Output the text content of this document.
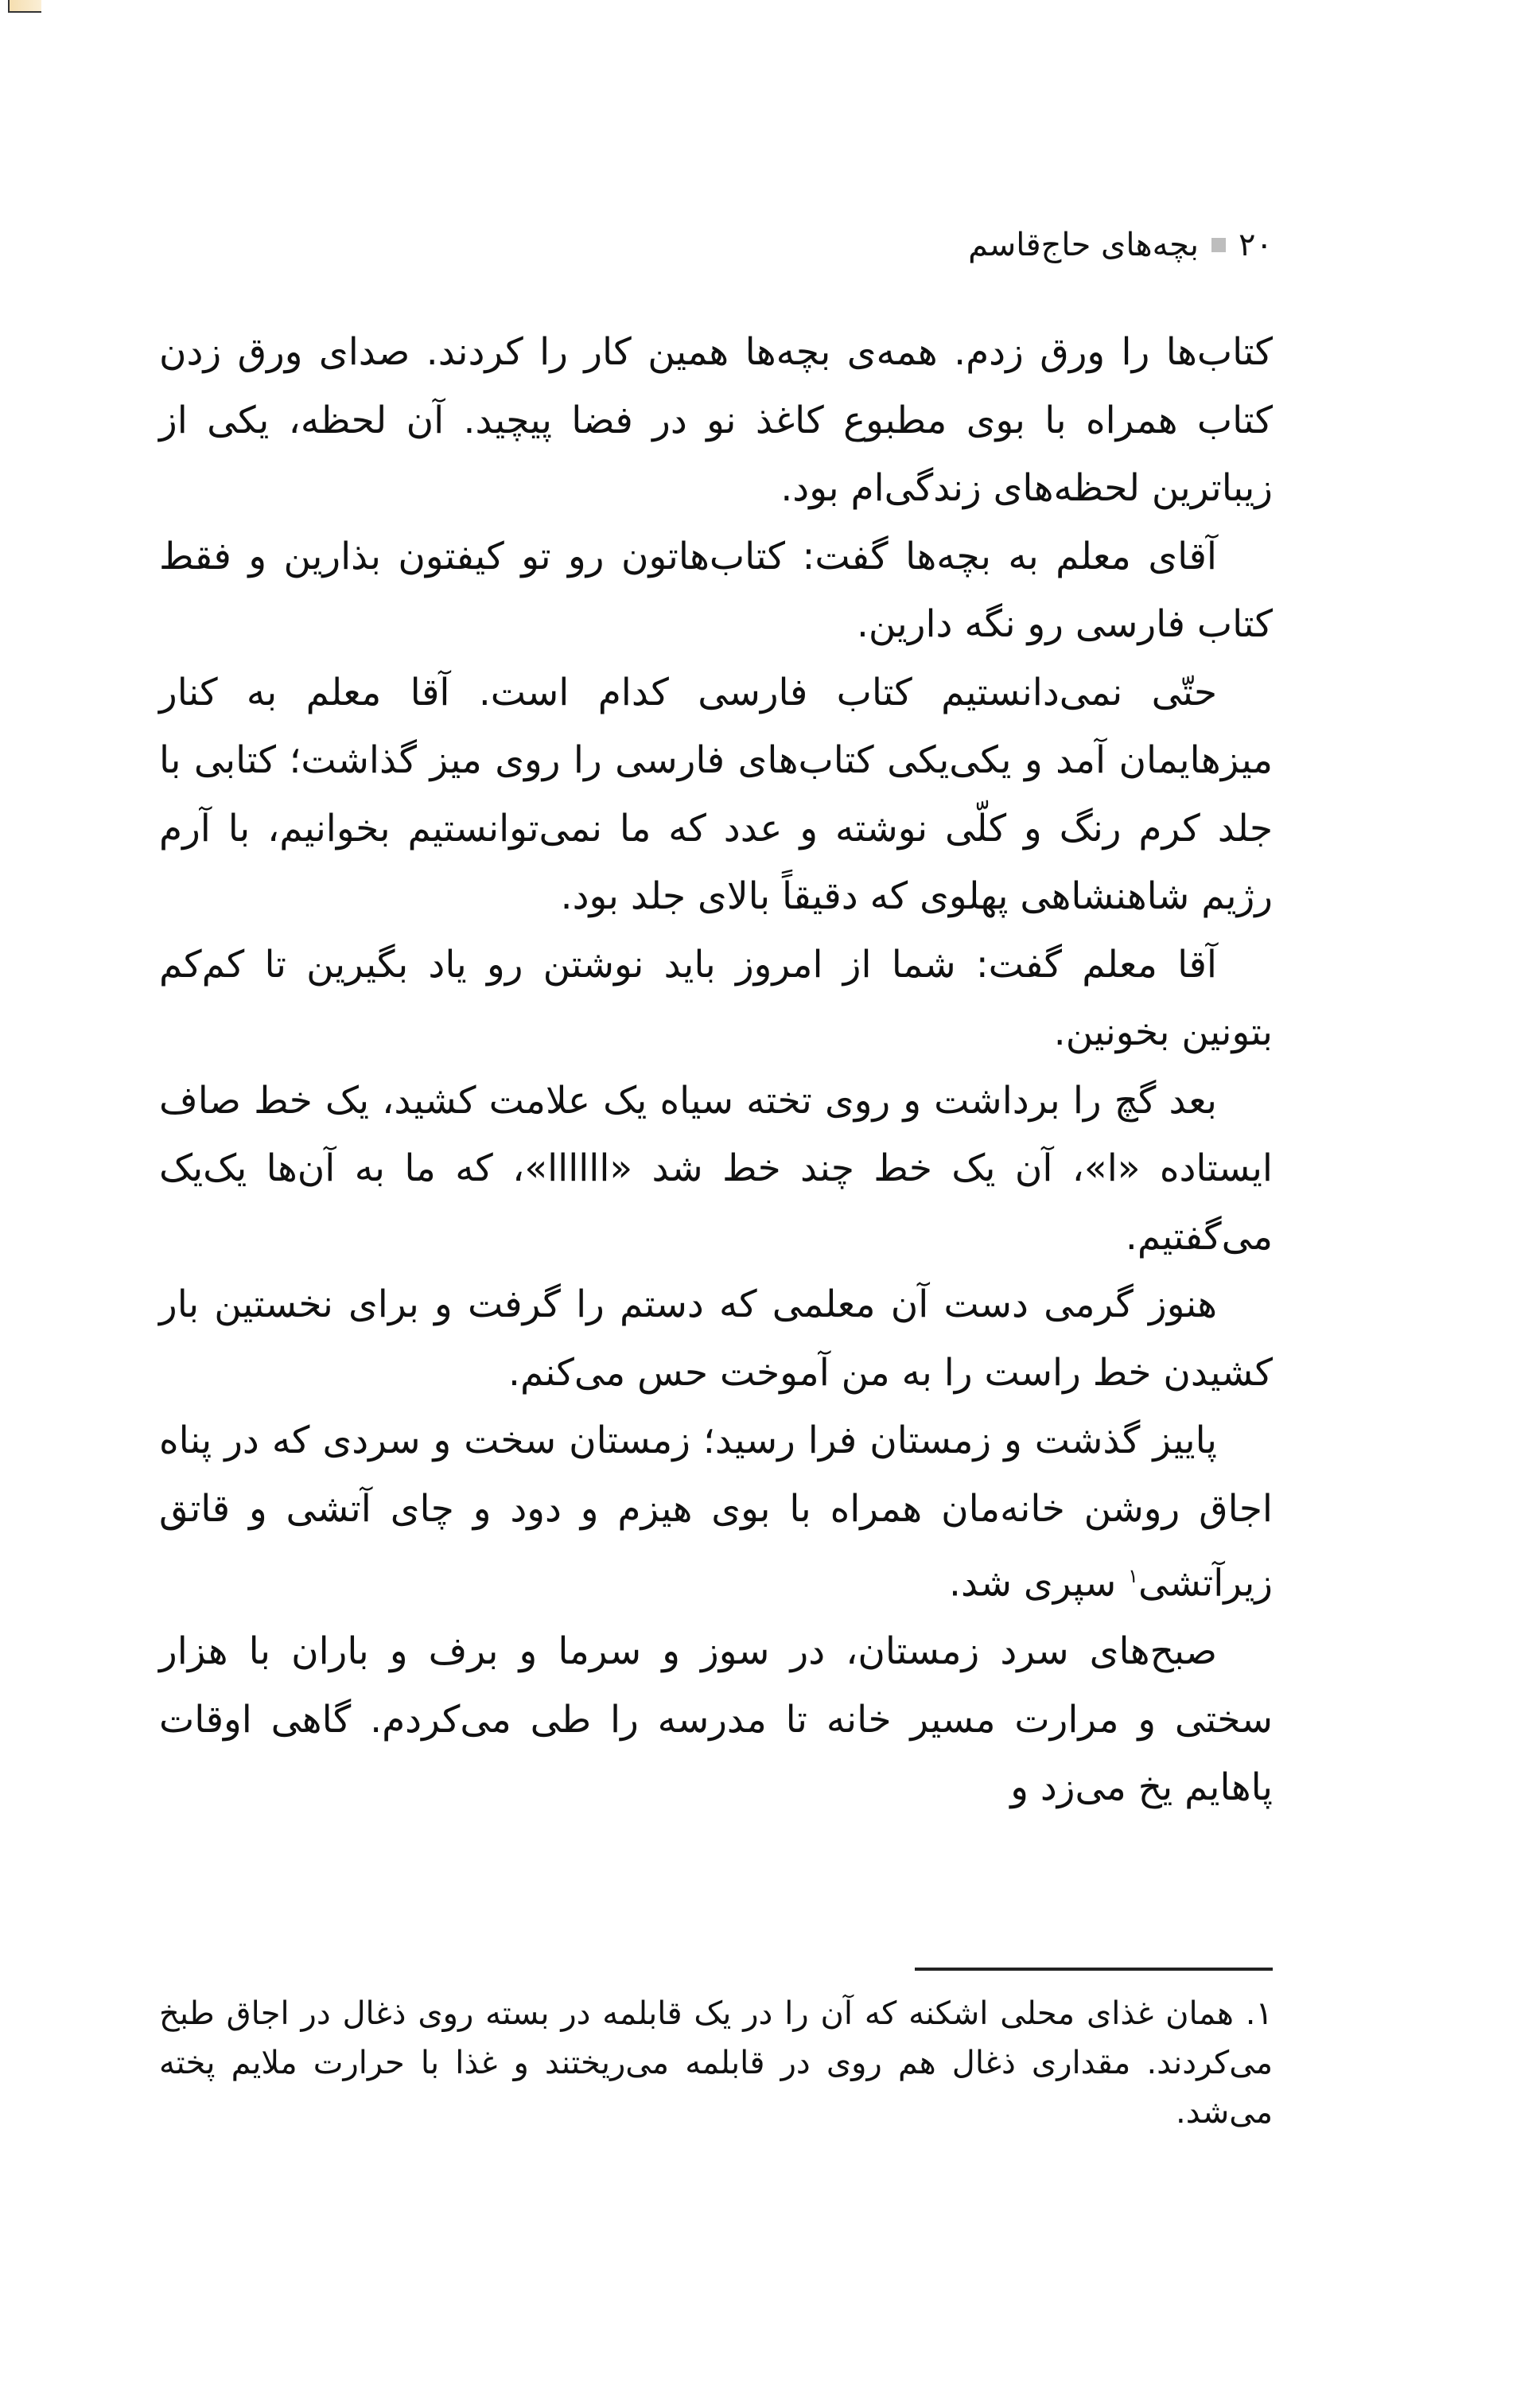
۲۰
بچه‌های حاج‌قاسم

کتاب‌ها را ورق زدم. همه‌ی بچه‌ها همین کار را کردند. صدای ورق زدن کتاب همراه با بوی مطبوع کاغذ نو در فضا پیچید. آن لحظه، یکی از زیباترین لحظه‌های زندگی‌ام بود.

آقای معلم به بچه‌ها گفت: کتاب‌هاتون رو تو کیفتون بذارین و فقط کتاب فارسی رو نگه دارین.

حتّی نمی‌دانستیم کتاب فارسی کدام است. آقا معلم به کنار میزهایمان آمد و یکی‌یکی کتاب‌های فارسی را روی میز گذاشت؛ کتابی با جلد کرم رنگ و کلّی نوشته و عدد که ما نمی‌توانستیم بخوانیم، با آرم رژیم شاهنشاهی پهلوی که دقیقاً بالای جلد بود.

آقا معلم گفت: شما از امروز باید نوشتن رو یاد بگیرین تا کم‌کم بتونین بخونین.

بعد گچ را برداشت و روی تخته سیاه یک علامت کشید، یک خط صاف ایستاده «ا»، آن یک خط چند خط شد «اااااا»، که ما به آن‌ها یک‌یک می‌گفتیم.

هنوز گرمی دست آن معلمی که دستم را گرفت و برای نخستین بار کشیدن خط راست را به من آموخت حس می‌کنم.

پاییز گذشت و زمستان فرا رسید؛ زمستان سخت و سردی که در پناه اجاق روشن خانه‌مان همراه با بوی هیزم و دود و چای آتشی و قاتق زیرآتشی$^۱$ سپری شد.

صبح‌های سرد زمستان، در سوز و سرما و برف و باران با هزار سختی و مرارت مسیر خانه تا مدرسه را طی می‌کردم. گاهی اوقات پاهایم یخ می‌زد و

۱. همان غذای محلی اشکنه که آن را در یک قابلمه در بسته روی ذغال در اجاق طبخ می‌کردند. مقداری ذغال هم روی در قابلمه می‌ریختند و غذا با حرارت ملایم پخته می‌شد.
